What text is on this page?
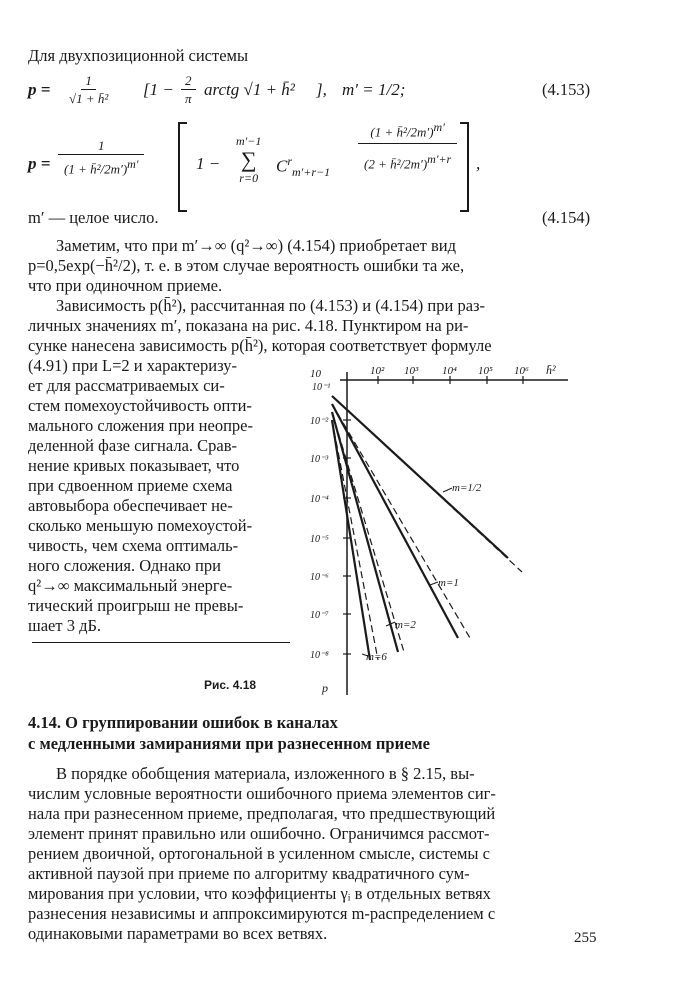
Для двухпозиционной системы
$p = \frac{1}{\text{√1 + h̄²}} [1 - \frac{2}{\pi}$ arctg √1 + h̄² ], m′ = 1/2;	(4.153)
p =
1
(1 + h̄²/2m′)$^{m'}$	1 −
m′−1
∑
r=0
$C^r_{m'+r-1}$
(1 + h̄²/2m′)$^{m'}$
(2 + h̄²/2m′)$^{m'+r}$	,
m′ — целое число.	(4.154)
Заметим, что при m′→∞ (q²→∞) (4.154) приобретает вид
p=0,5exp(−h̄²/2), т. е. в этом случае вероятность ошибки та же,
что при одиночном приеме.
Зависимость p(h̄²), рассчитанная по (4.153) и (4.154) при раз-
личных значениях m′, показана на рис. 4.18. Пунктиром на ри-
сунке нанесена зависимость p(h̄²), которая соответствует формуле
(4.91) при L=2 и характеризу-
ет для рассматриваемых си-
стем помехоустойчивость опти-
мального сложения при неопре-
деленной фазе сигнала. Срав-
нение кривых показывает, что
при сдвоенном приеме схема
автовыбора обеспечивает не-
сколько меньшую помехоустой-
чивость, чем схема оптималь-
ного сложения. Однако при
q²→∞ максимальный энерге-
тический проигрыш не превы-
шает 3 дБ.
Рис. 4.18
10	10² 10³ 10⁴ 10⁵ 10⁶ h̄²
10⁻¹
10⁻²
10⁻³
10⁻⁴
10⁻⁵
10⁻⁶
10⁻⁷
10⁻⁸
p
m=1/2
m=1
m=2
m=6
4.14. О группировании ошибок в каналах
с медленными замираниями при разнесенном приеме
В порядке обобщения материала, изложенного в § 2.15, вы-
числим условные вероятности ошибочного приема элементов сиг-
нала при разнесенном приеме, предполагая, что предшествующий
элемент принят правильно или ошибочно. Ограничимся рассмот-
рением двоичной, ортогональной в усиленном смысле, системы с
активной паузой при приеме по алгоритму квадратичного сум-
мирования при условии, что коэффициенты γᵢ в отдельных ветвях
разнесения независимы и аппроксимируются m-распределением с
одинаковыми параметрами во всех ветвях.	255
